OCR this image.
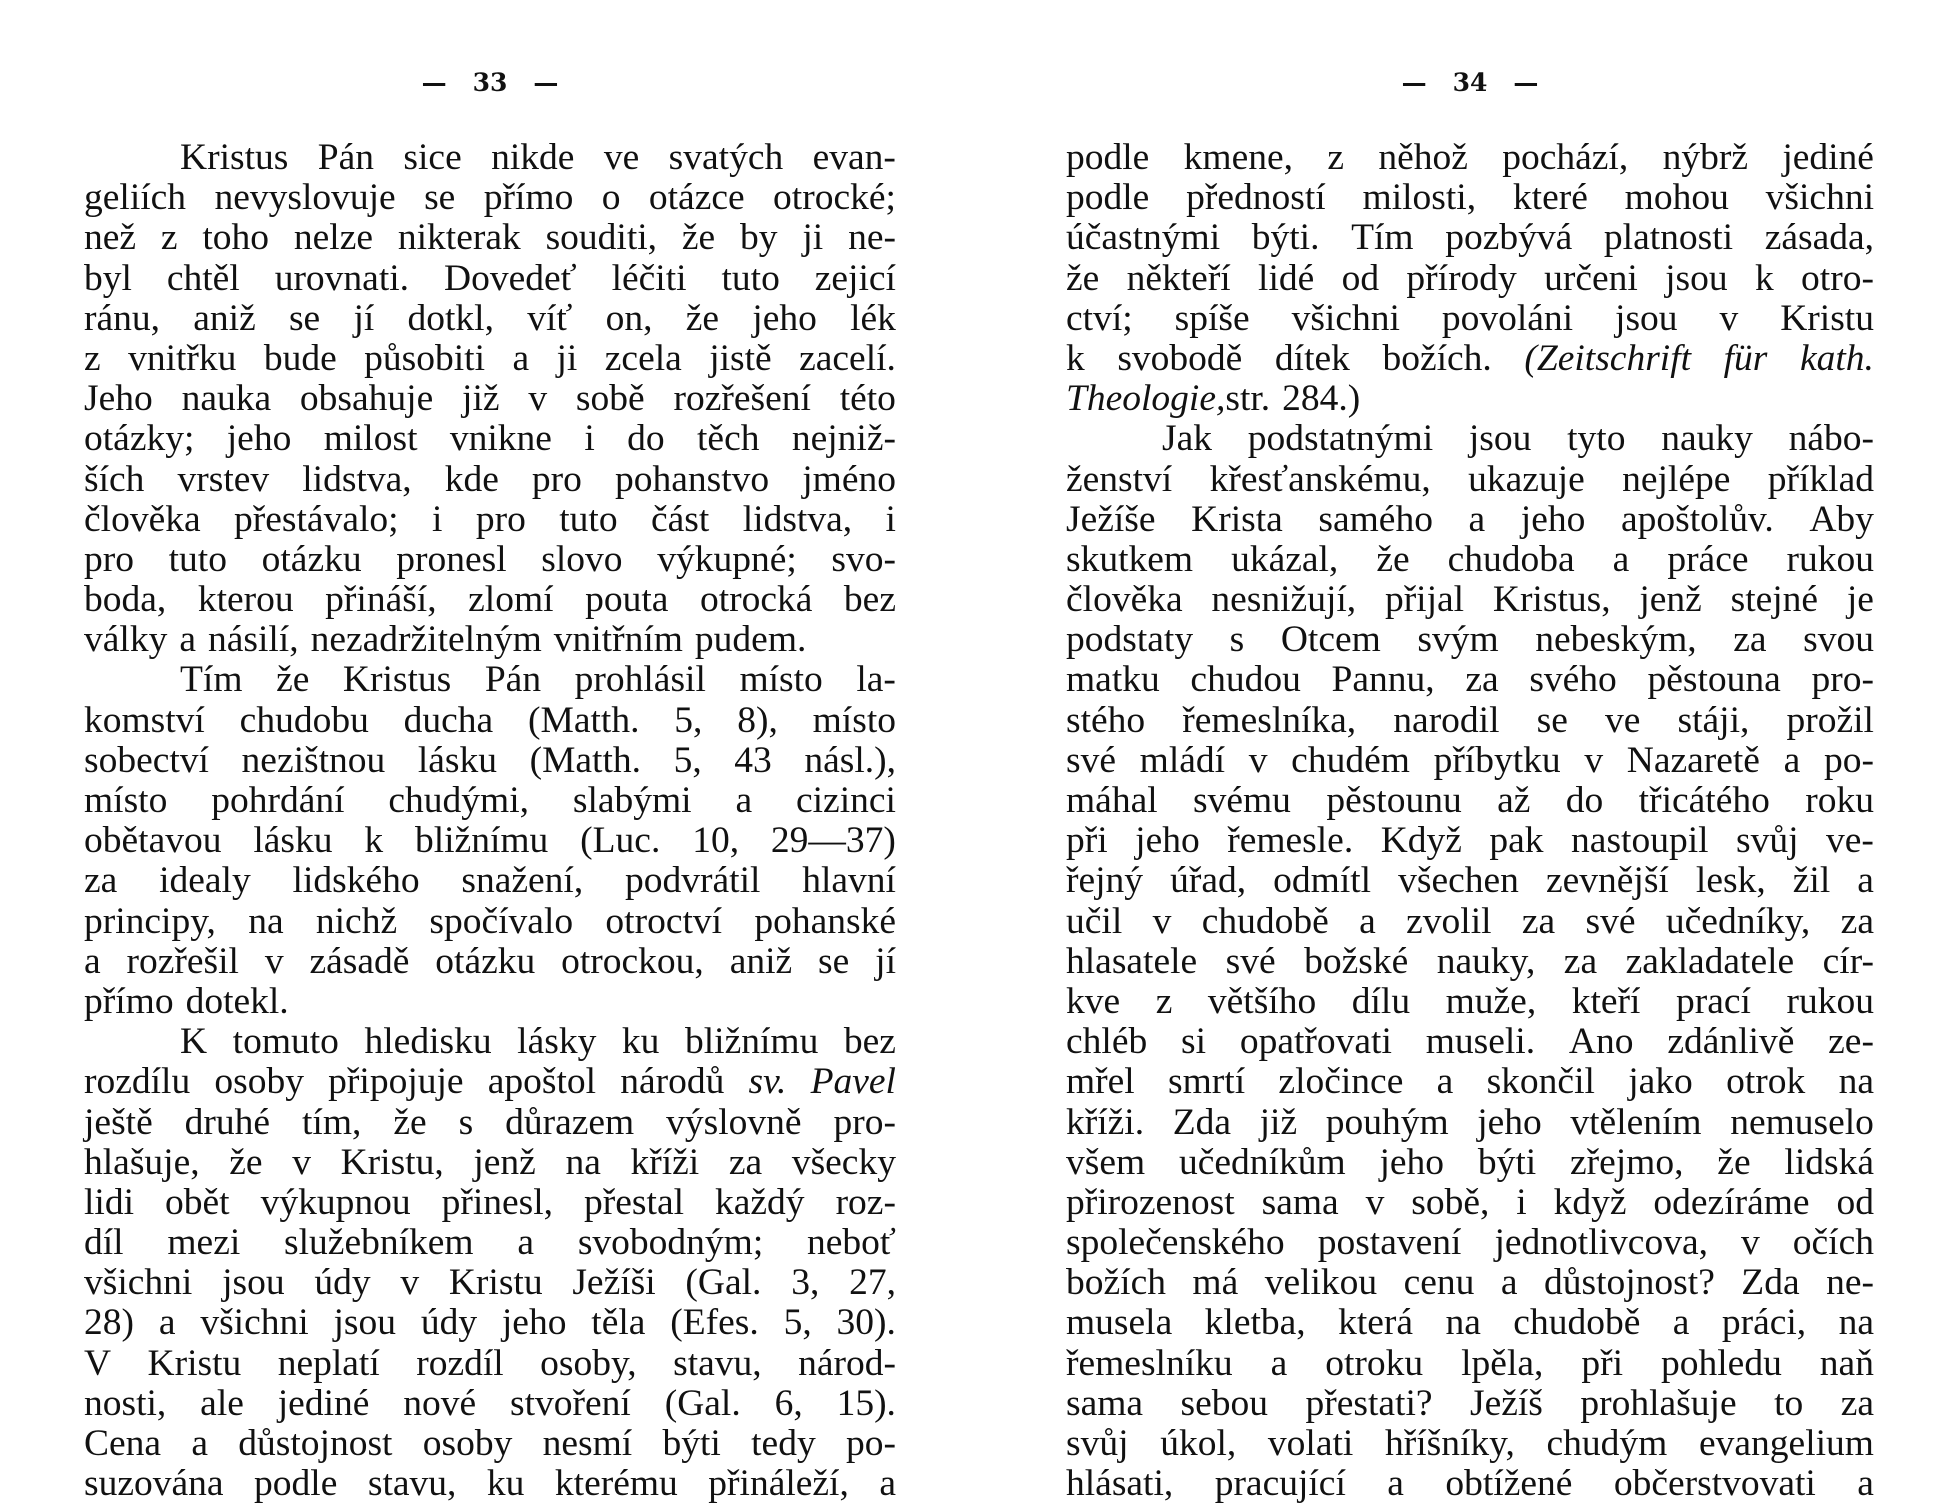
— 33 —
Kristus Pán sice nikde ve svatých evan-
geliích nevyslovuje se přímo o otázce otrocké;
než z toho nelze nikterak souditi, že by ji ne-
byl chtěl urovnati. Dovedeť léčiti tuto zejicí
ránu, aniž se jí dotkl, víť on, že jeho lék
z vnitřku bude působiti a ji zcela jistě zacelí.
Jeho nauka obsahuje již v sobě rozřešení této
otázky; jeho milost vnikne i do těch nejniž-
ších vrstev lidstva, kde pro pohanstvo jméno
člověka přestávalo; i pro tuto část lidstva, i
pro tuto otázku pronesl slovo výkupné; svo-
boda, kterou přináší, zlomí pouta otrocká bez
války a násilí, nezadržitelným vnitřním pudem.
Tím že Kristus Pán prohlásil místo la-
komství chudobu ducha (Matth. 5, 8), místo
sobectví nezištnou lásku (Matth. 5, 43 násl.),
místo pohrdání chudými, slabými a cizinci
obětavou lásku k bližnímu (Luc. 10, 29—37)
za idealy lidského snažení, podvrátil hlavní
principy, na nichž spočívalo otroctví pohanské
a rozřešil v zásadě otázku otrockou, aniž se jí
přímo dotekl.
K tomuto hledisku lásky ku bližnímu bez
rozdílu osoby připojuje apoštol národů sv. Pavel
ještě druhé tím, že s důrazem výslovně pro-
hlašuje, že v Kristu, jenž na kříži za všecky
lidi obět výkupnou přinesl, přestal každý roz-
díl mezi služebníkem a svobodným; neboť
všichni jsou údy v Kristu Ježíši (Gal. 3, 27,
28) a všichni jsou údy jeho těla (Efes. 5, 30).
V Kristu neplatí rozdíl osoby, stavu, národ-
nosti, ale jediné nové stvoření (Gal. 6, 15).
Cena a důstojnost osoby nesmí býti tedy po-
suzována podle stavu, ku kterému přináleží, a
— 34 —
podle kmene, z něhož pochází, nýbrž jediné
podle předností milosti, které mohou všichni
účastnými býti. Tím pozbývá platnosti zásada,
že někteří lidé od přírody určeni jsou k otro-
ctví; spíše všichni povoláni jsou v Kristu
k svobodě dítek božích. (Zeitschrift für kath.
Theologie, str. 284.)
Jak podstatnými jsou tyto nauky nábo-
ženství křesťanskému, ukazuje nejlépe příklad
Ježíše Krista samého a jeho apoštolův. Aby
skutkem ukázal, že chudoba a práce rukou
člověka nesnižují, přijal Kristus, jenž stejné je
podstaty s Otcem svým nebeským, za svou
matku chudou Pannu, za svého pěstouna pro-
stého řemeslníka, narodil se ve stáji, prožil
své mládí v chudém příbytku v Nazaretě a po-
máhal svému pěstounu až do třicátého roku
při jeho řemesle. Když pak nastoupil svůj ve-
řejný úřad, odmítl všechen zevnější lesk, žil a
učil v chudobě a zvolil za své učedníky, za
hlasatele své božské nauky, za zakladatele cír-
kve z většího dílu muže, kteří prací rukou
chléb si opatřovati museli. Ano zdánlivě ze-
mřel smrtí zločince a skončil jako otrok na
kříži. Zda již pouhým jeho vtělením nemuselo
všem učedníkům jeho býti zřejmo, že lidská
přirozenost sama v sobě, i když odezíráme od
společenského postavení jednotlivcova, v očích
božích má velikou cenu a důstojnost? Zda ne-
musela kletba, která na chudobě a práci, na
řemeslníku a otroku lpěla, při pohledu naň
sama sebou přestati? Ježíš prohlašuje to za
svůj úkol, volati hříšníky, chudým evangelium
hlásati, pracující a obtížené občerstvovati a
